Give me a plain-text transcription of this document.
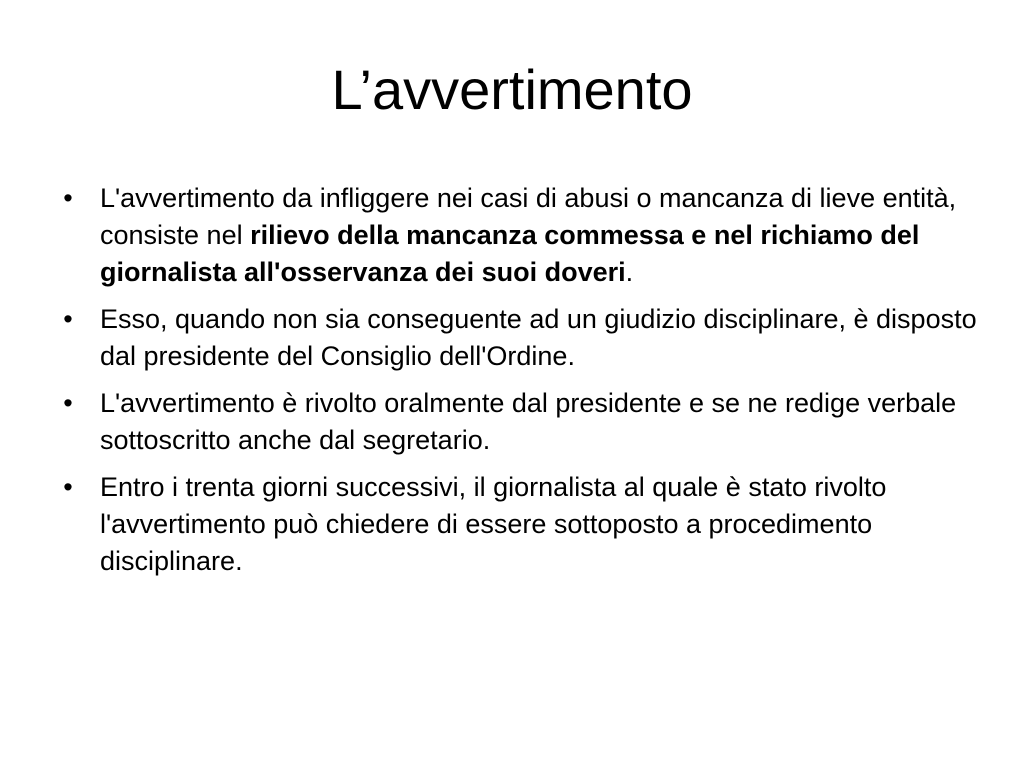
L’avvertimento
• L'avvertimento da infliggere nei casi di abusi o mancanza di lieve entità, consiste nel rilievo della mancanza commessa e nel richiamo del giornalista all'osservanza dei suoi doveri.
• Esso, quando non sia conseguente ad un giudizio disciplinare, è disposto dal presidente del Consiglio dell'Ordine.
• L'avvertimento è rivolto oralmente dal presidente e se ne redige verbale sottoscritto anche dal segretario.
• Entro i trenta giorni successivi, il giornalista al quale è stato rivolto l'avvertimento può chiedere di essere sottoposto a procedimento disciplinare.
